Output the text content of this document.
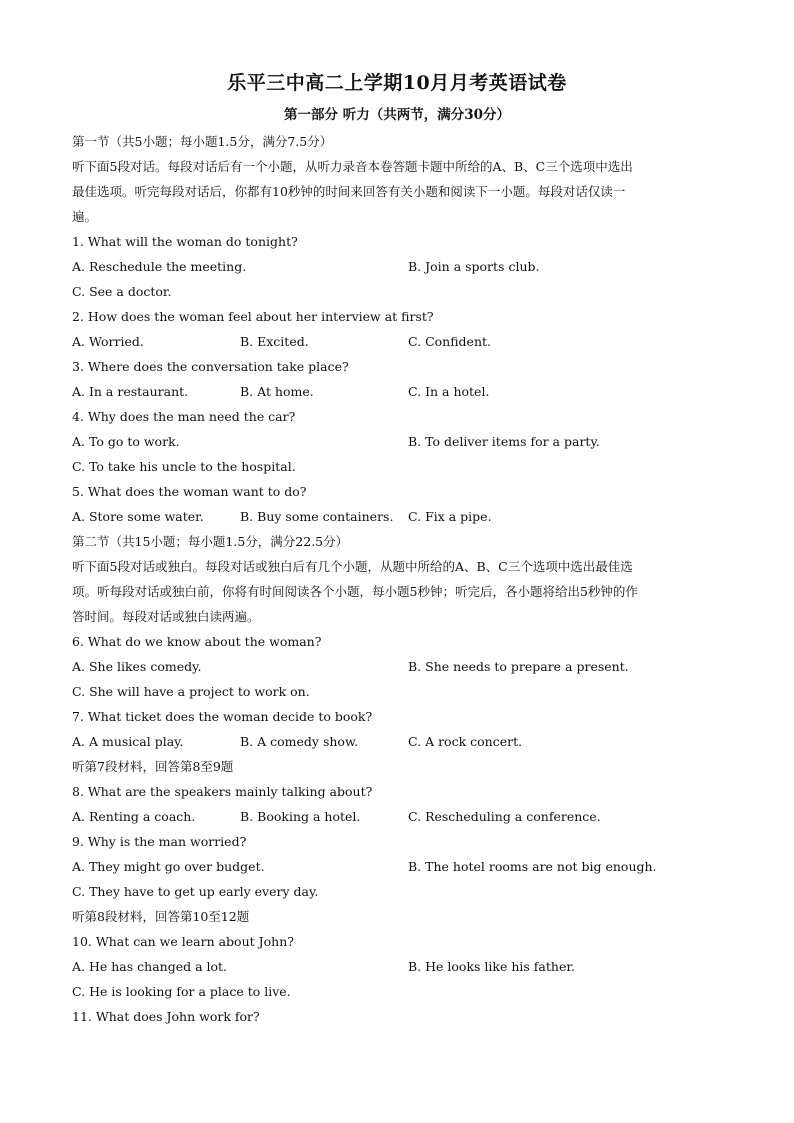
乐平三中高二上学期10月月考英语试卷
第一部分 听力（共两节，满分30分）
第一节（共5小题；每小题1.5分，满分7.5分）
听下面5段对话。每段对话后有一个小题，从听力录音本卷答题卡题中所给的A、B、C三个选项中选出
最佳选项。听完每段对话后，你都有10秒钟的时间来回答有关小题和阅读下一小题。每段对话仅读一
遍。
1. What will the woman do tonight?
A. Reschedule the meeting.	B. Join a sports club.
C. See a doctor.
2. How does the woman feel about her interview at first?
A. Worried.	B. Excited.	C. Confident.
3. Where does the conversation take place?
A. In a restaurant.	B. At home.	C. In a hotel.
4. Why does the man need the car?
A. To go to work.	B. To deliver items for a party.
C. To take his uncle to the hospital.
5. What does the woman want to do?
A. Store some water.	B. Buy some containers. C. Fix a pipe.
第二节（共15小题；每小题1.5分，满分22.5分）
听下面5段对话或独白。每段对话或独白后有几个小题，从题中所给的A、B、C三个选项中选出最佳选
项。听每段对话或独白前，你将有时间阅读各个小题，每小题5秒钟；听完后，各小题将给出5秒钟的作
答时间。每段对话或独白读两遍。
6. What do we know about the woman?
A. She likes comedy.	B. She needs to prepare a present.
C. She will have a project to work on.
7. What ticket does the woman decide to book?
A. A musical play.	B. A comedy show.	C. A rock concert.
听第7段材料，回答第8至9题
8. What are the speakers mainly talking about?
A. Renting a coach.	B. Booking a hotel.	C. Rescheduling a conference.
9. Why is the man worried?
A. They might go over budget.	B. The hotel rooms are not big enough.
C. They have to get up early every day.
听第8段材料，回答第10至12题
10. What can we learn about John?
A. He has changed a lot.	B. He looks like his father.
C. He is looking for a place to live.
11. What does John work for?
